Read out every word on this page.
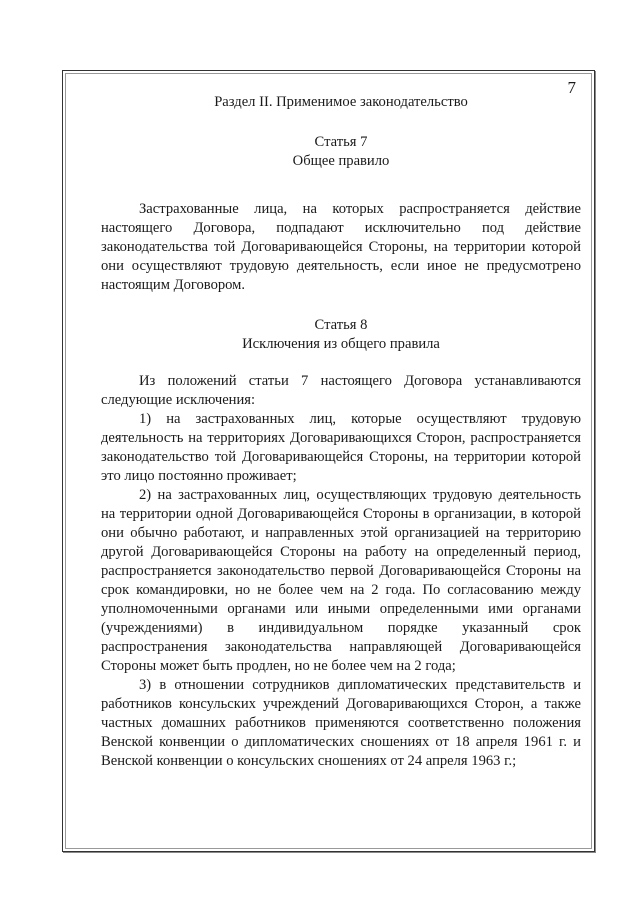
7

Раздел II. Применимое законодательство

Статья 7

Общее правило

Застрахованные лица, на которых распространяется действие настоящего Договора, подпадают исключительно под действие законодательства той Договаривающейся Стороны, на территории которой они осуществляют трудовую деятельность, если иное не предусмотрено настоящим Договором.

Статья 8

Исключения из общего правила

Из положений статьи 7 настоящего Договора устанавливаются следующие исключения:

1) на застрахованных лиц, которые осуществляют трудовую деятельность на территориях Договаривающихся Сторон, распространяется законодательство той Договаривающейся Стороны, на территории которой это лицо постоянно проживает;

2) на застрахованных лиц, осуществляющих трудовую деятельность на территории одной Договаривающейся Стороны в организации, в которой они обычно работают, и направленных этой организацией на территорию другой Договаривающейся Стороны на работу на определенный период, распространяется законодательство первой Договаривающейся Стороны на срок командировки, но не более чем на 2 года. По согласованию между уполномоченными органами или иными определенными ими органами (учреждениями) в индивидуальном порядке указанный срок распространения законодательства направляющей Договаривающейся Стороны может быть продлен, но не более чем на 2 года;

3) в отношении сотрудников дипломатических представительств и работников консульских учреждений Договаривающихся Сторон, а также частных домашних работников применяются соответственно положения Венской конвенции о дипломатических сношениях от 18 апреля 1961 г. и Венской конвенции о консульских сношениях от 24 апреля 1963 г.;
